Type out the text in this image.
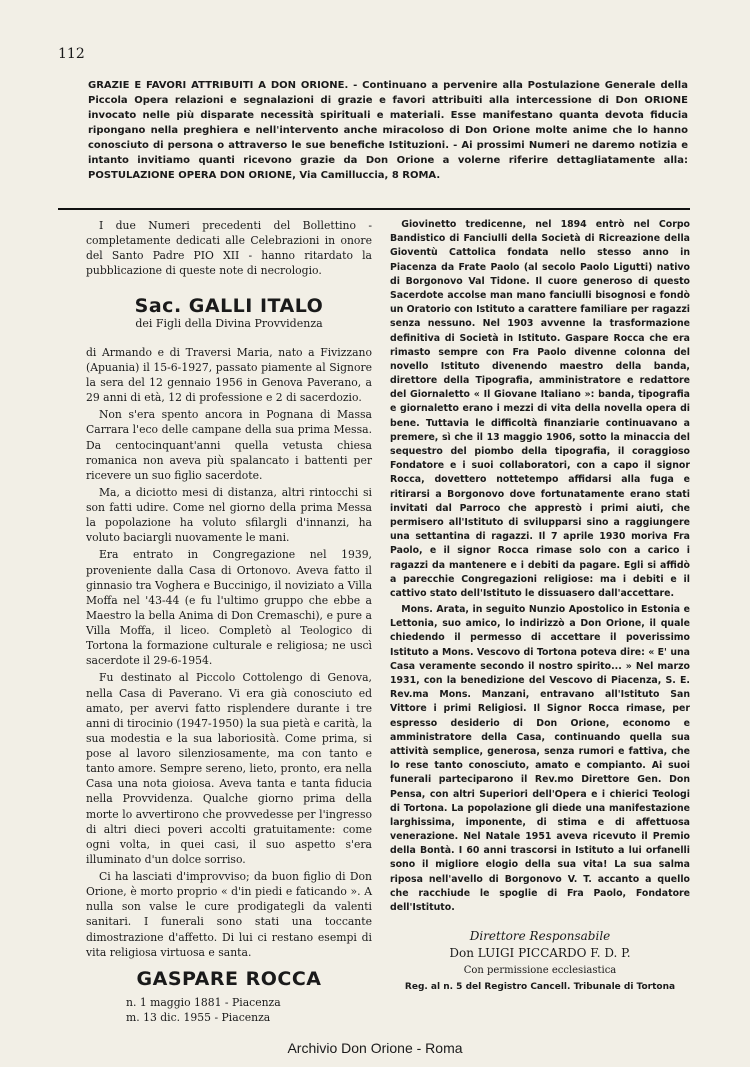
112
GRAZIE E FAVORI ATTRIBUITI A DON ORIONE. - Continuano a pervenire alla Postulazione Generale della Piccola Opera relazioni e segnalazioni di grazie e favori attribuiti alla intercessione di Don ORIONE invocato nelle più disparate necessità spirituali e materiali. Esse manifestano quanta devota fiducia ripongano nella preghiera e nell'intervento anche miracoloso di Don Orione molte anime che lo hanno conosciuto di persona o attraverso le sue benefiche Istituzioni. - Ai prossimi Numeri ne daremo notizia e intanto invitiamo quanti ricevono grazie da Don Orione a volerne riferire dettagliatamente alla: POSTULAZIONE OPERA DON ORIONE, Via Camilluccia, 8 ROMA.

I due Numeri precedenti del Bollettino - completamente dedicati alle Celebrazioni in onore del Santo Padre PIO XII - hanno ritardato la pubblicazione di queste note di necrologio.

Sac. GALLI ITALO
dei Figli della Divina Provvidenza

di Armando e di Traversi Maria, nato a Fivizzano (Apuania) il 15-6-1927, passato piamente al Signore la sera del 12 gennaio 1956 in Genova Paverano, a 29 anni di età, 12 di professione e 2 di sacerdozio.

Non s'era spento ancora in Pognana di Massa Carrara l'eco delle campane della sua prima Messa. Da centocinquant'anni quella vetusta chiesa romanica non aveva più spalancato i battenti per ricevere un suo figlio sacerdote.

Ma, a diciotto mesi di distanza, altri rintocchi si son fatti udire. Come nel giorno della prima Messa la popolazione ha voluto sfilargli d'innanzi, ha voluto baciargli nuovamente le mani.

Era entrato in Congregazione nel 1939, proveniente dalla Casa di Ortonovo. Aveva fatto il ginnasio tra Voghera e Buccinigo, il noviziato a Villa Moffa nel '43-44 (e fu l'ultimo gruppo che ebbe a Maestro la bella Anima di Don Cremaschi), e pure a Villa Moffa, il liceo. Completò al Teologico di Tortona la formazione culturale e religiosa; ne uscì sacerdote il 29-6-1954.

Fu destinato al Piccolo Cottolengo di Genova, nella Casa di Paverano. Vi era già conosciuto ed amato, per avervi fatto risplendere durante i tre anni di tirocinio (1947-1950) la sua pietà e carità, la sua modestia e la sua laboriosità. Come prima, si pose al lavoro silenziosamente, ma con tanto e tanto amore. Sempre sereno, lieto, pronto, era nella Casa una nota gioiosa. Aveva tanta e tanta fiducia nella Provvidenza. Qualche giorno prima della morte lo avvertirono che provvedesse per l'ingresso di altri dieci poveri accolti gratuitamente: come ogni volta, in quei casi, il suo aspetto s'era illuminato d'un dolce sorriso.

Ci ha lasciati d'improvviso; da buon figlio di Don Orione, è morto proprio « d'in piedi e faticando ». A nulla son valse le cure prodigategli da valenti sanitari. I funerali sono stati una toccante dimostrazione d'affetto. Di lui ci restano esempi di vita religiosa virtuosa e santa.

GASPARE ROCCA
n. 1 maggio 1881 - Piacenza
m. 13 dic. 1955 - Piacenza

Giovinetto tredicenne, nel 1894 entrò nel Corpo Bandistico di Fanciulli della Società di Ricreazione della Gioventù Cattolica fondata nello stesso anno in Piacenza da Frate Paolo (al secolo Paolo Ligutti) nativo di Borgonovo Val Tidone. Il cuore generoso di questo Sacerdote accolse man mano fanciulli bisognosi e fondò un Oratorio con Istituto a carattere familiare per ragazzi senza nessuno. Nel 1903 avvenne la trasformazione definitiva di Società in Istituto. Gaspare Rocca che era rimasto sempre con Fra Paolo divenne colonna del novello Istituto divenendo maestro della banda, direttore della Tipografia, amministratore e redattore del Giornaletto « Il Giovane Italiano »: banda, tipografia e giornaletto erano i mezzi di vita della novella opera di bene. Tuttavia le difficoltà finanziarie continuavano a premere, sì che il 13 maggio 1906, sotto la minaccia del sequestro del piombo della tipografia, il coraggioso Fondatore e i suoi collaboratori, con a capo il signor Rocca, dovettero nottetempo affidarsi alla fuga e ritirarsi a Borgonovo dove fortunatamente erano stati invitati dal Parroco che apprestò i primi aiuti, che permisero all'Istituto di svilupparsi sino a raggiungere una settantina di ragazzi. Il 7 aprile 1930 moriva Fra Paolo, e il signor Rocca rimase solo con a carico i ragazzi da mantenere e i debiti da pagare. Egli si affidò a parecchie Congregazioni religiose: ma i debiti e il cattivo stato dell'Istituto le dissuasero dall'accettare.

Mons. Arata, in seguito Nunzio Apostolico in Estonia e Lettonia, suo amico, lo indirizzò a Don Orione, il quale chiedendo il permesso di accettare il poverissimo Istituto a Mons. Vescovo di Tortona poteva dire: « E' una Casa veramente secondo il nostro spirito... » Nel marzo 1931, con la benedizione del Vescovo di Piacenza, S. E. Rev.ma Mons. Manzani, entravano all'Istituto San Vittore i primi Religiosi. Il Signor Rocca rimase, per espresso desiderio di Don Orione, economo e amministratore della Casa, continuando quella sua attività semplice, generosa, senza rumori e fattiva, che lo rese tanto conosciuto, amato e compianto. Ai suoi funerali parteciparono il Rev.mo Direttore Gen. Don Pensa, con altri Superiori dell'Opera e i chierici Teologi di Tortona. La popolazione gli diede una manifestazione larghissima, imponente, di stima e di affettuosa venerazione. Nel Natale 1951 aveva ricevuto il Premio della Bontà. I 60 anni trascorsi in Istituto a lui orfanelli sono il migliore elogio della sua vita! La sua salma riposa nell'avello di Borgonovo V. T. accanto a quello che racchiude le spoglie di Fra Paolo, Fondatore dell'Istituto.

Direttore Responsabile
Don LUIGI PICCARDO F. D. P.
Con permissione ecclesiastica
Reg. al n. 5 del Registro Cancell. Tribunale di Tortona
Archivio Don Orione - Roma
